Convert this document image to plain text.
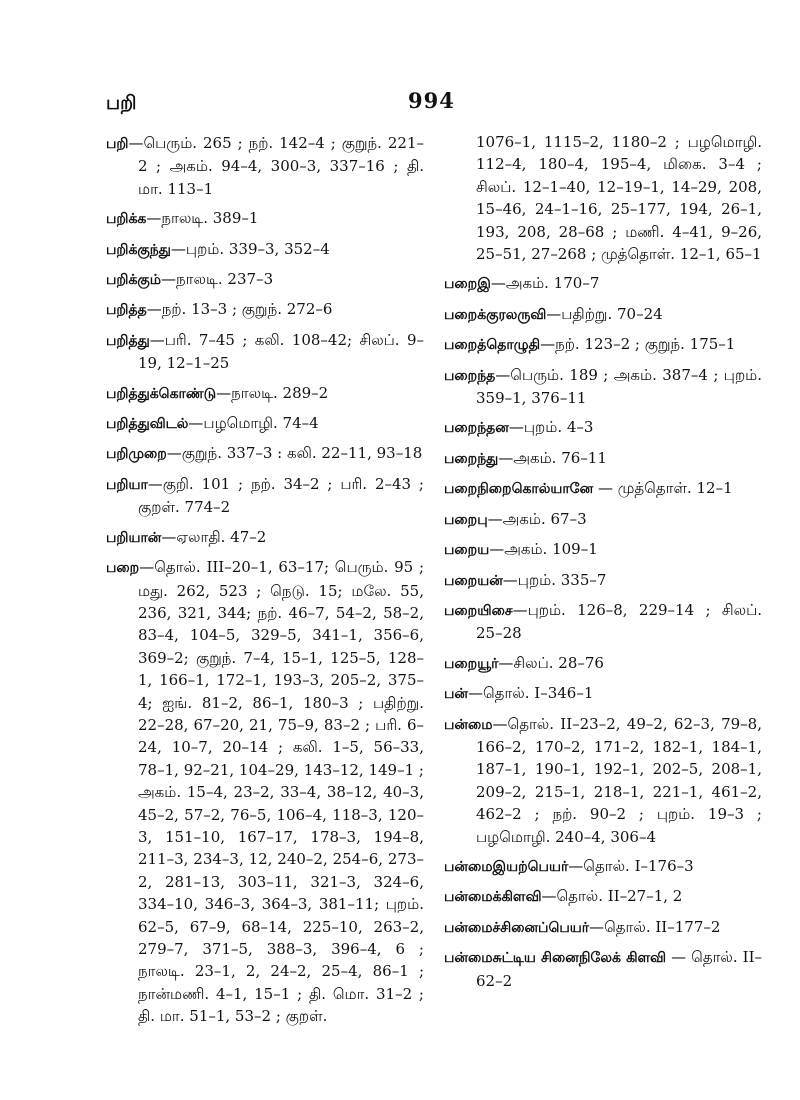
பறி	994
பறி—பெரும். 265 ; நற். 142–4 ; குறுந். 221–2 ; அகம். 94–4, 300–3, 337–16 ; தி. மா. 113–1
பறிக்க—நாலடி. 389–1
பறிக்குந்து—புறம். 339–3, 352–4
பறிக்கும்—நாலடி. 237–3
பறித்த—நற். 13–3 ; குறுந். 272–6
பறித்து—பரி. 7–45 ; கலி. 108–42; சிலப். 9–19, 12–1–25
பறித்துக்கொண்டு—நாலடி. 289–2
பறித்துவிடல்—பழமொழி. 74–4
பறிமுறை—குறுந். 337–3 : கலி. 22–11, 93–18
பறியா—குறி. 101 ; நற். 34–2 ; பரி. 2–43 ; குறள். 774–2
பறியான்—ஏலாதி. 47–2
பறை—தொல். III–20–1, 63–17; பெரும். 95 ; மது. 262, 523 ; நெடு. 15; மலே. 55, 236, 321, 344; நற். 46–7, 54–2, 58–2, 83–4, 104–5, 329–5, 341–1, 356–6, 369–2; குறுந். 7–4, 15–1, 125–5, 128–1, 166–1, 172–1, 193–3, 205–2, 375–4; ஐங். 81–2, 86–1, 180–3 ; பதிற்று. 22–28, 67–20, 21, 75–9, 83–2 ; பரி. 6–24, 10–7, 20–14 ; கலி. 1–5, 56–33, 78–1, 92–21, 104–29, 143–12, 149–1 ; அகம். 15–4, 23–2, 33–4, 38–12, 40–3, 45–2, 57–2, 76–5, 106–4, 118–3, 120–3, 151–10, 167–17, 178–3, 194–8, 211–3, 234–3, 12, 240–2, 254–6, 273–2, 281–13, 303–11, 321–3, 324–6, 334–10, 346–3, 364–3, 381–11; புறம். 62–5, 67–9, 68–14, 225–10, 263–2, 279–7, 371–5, 388–3, 396–4, 6 ; நாலடி. 23–1, 2, 24–2, 25–4, 86–1 ; நான்மணி. 4–1, 15–1 ; தி. மொ. 31–2 ; தி. மா. 51–1, 53–2 ; குறள்.
1076–1, 1115–2, 1180–2 ; பழமொழி. 112–4, 180–4, 195–4, மிகை. 3–4 ; சிலப். 12–1–40, 12–19–1, 14–29, 208, 15–46, 24–1–16, 25–177, 194, 26–1, 193, 208, 28–68 ; மணி. 4–41, 9–26, 25–51, 27–268 ; முத்தொள். 12–1, 65–1
பறைஇ—அகம். 170–7
பறைக்குரலருவி—பதிற்று. 70–24
பறைத்தொழுதி—நற். 123–2 ; குறுந். 175–1
பறைந்த—பெரும். 189 ; அகம். 387–4 ; புறம். 359–1, 376–11
பறைந்தன—புறம். 4–3
பறைந்து—அகம். 76–11
பறைநிறைகொல்யானே — முத்தொள். 12–1
பறைபு—அகம். 67–3
பறைய—அகம். 109–1
பறையன்—புறம். 335–7
பறையிசை—புறம். 126–8, 229–14 ; சிலப். 25–28
பறையூர்—சிலப். 28–76
பன்—தொல். I–346–1
பன்மை—தொல். II–23–2, 49–2, 62–3, 79–8, 166–2, 170–2, 171–2, 182–1, 184–1, 187–1, 190–1, 192–1, 202–5, 208–1, 209–2, 215–1, 218–1, 221–1, 461–2, 462–2 ; நற். 90–2 ; புறம். 19–3 ; பழமொழி. 240–4, 306–4
பன்மைஇயற்பெயர்—தொல். I–176–3
பன்மைக்கிளவி—தொல். II–27–1, 2
பன்மைச்சினைப்பெயர்—தொல். II–177–2
பன்மைசுட்டிய சினைநிலேக் கிளவி — தொல். II–62–2
